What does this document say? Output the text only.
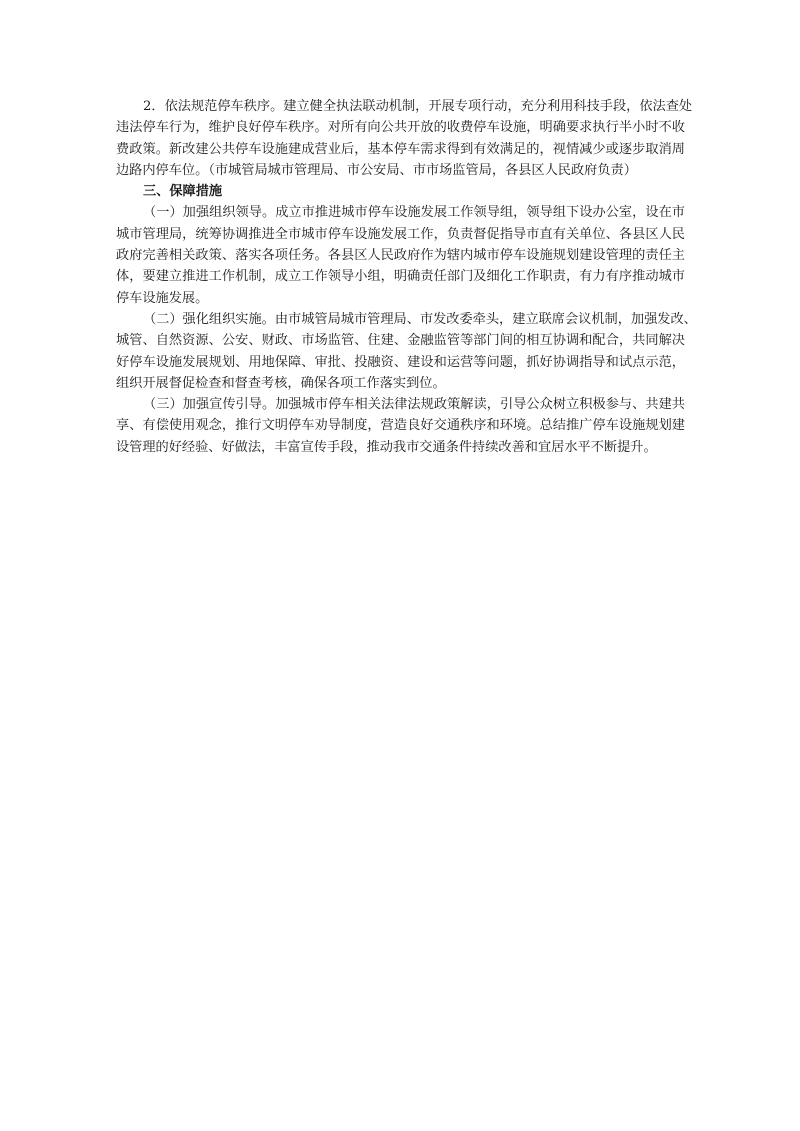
2．依法规范停车秩序。建立健全执法联动机制，开展专项行动，充分利用科技手段，依法查处
违法停车行为，维护良好停车秩序。对所有向公共开放的收费停车设施，明确要求执行半小时不收
费政策。新改建公共停车设施建成营业后，基本停车需求得到有效满足的，视情减少或逐步取消周
边路内停车位。（市城管局城市管理局、市公安局、市市场监管局，各县区人民政府负责）
三、保障措施
（一）加强组织领导。成立市推进城市停车设施发展工作领导组，领导组下设办公室，设在市
城市管理局，统筹协调推进全市城市停车设施发展工作，负责督促指导市直有关单位、各县区人民
政府完善相关政策、落实各项任务。各县区人民政府作为辖内城市停车设施规划建设管理的责任主
体，要建立推进工作机制，成立工作领导小组，明确责任部门及细化工作职责，有力有序推动城市
停车设施发展。
（二）强化组织实施。由市城管局城市管理局、市发改委牵头，建立联席会议机制，加强发改、
城管、自然资源、公安、财政、市场监管、住建、金融监管等部门间的相互协调和配合，共同解决
好停车设施发展规划、用地保障、审批、投融资、建设和运营等问题，抓好协调指导和试点示范，
组织开展督促检查和督查考核，确保各项工作落实到位。
（三）加强宣传引导。加强城市停车相关法律法规政策解读，引导公众树立积极参与、共建共
享、有偿使用观念，推行文明停车劝导制度，营造良好交通秩序和环境。总结推广停车设施规划建
设管理的好经验、好做法，丰富宣传手段，推动我市交通条件持续改善和宜居水平不断提升。
